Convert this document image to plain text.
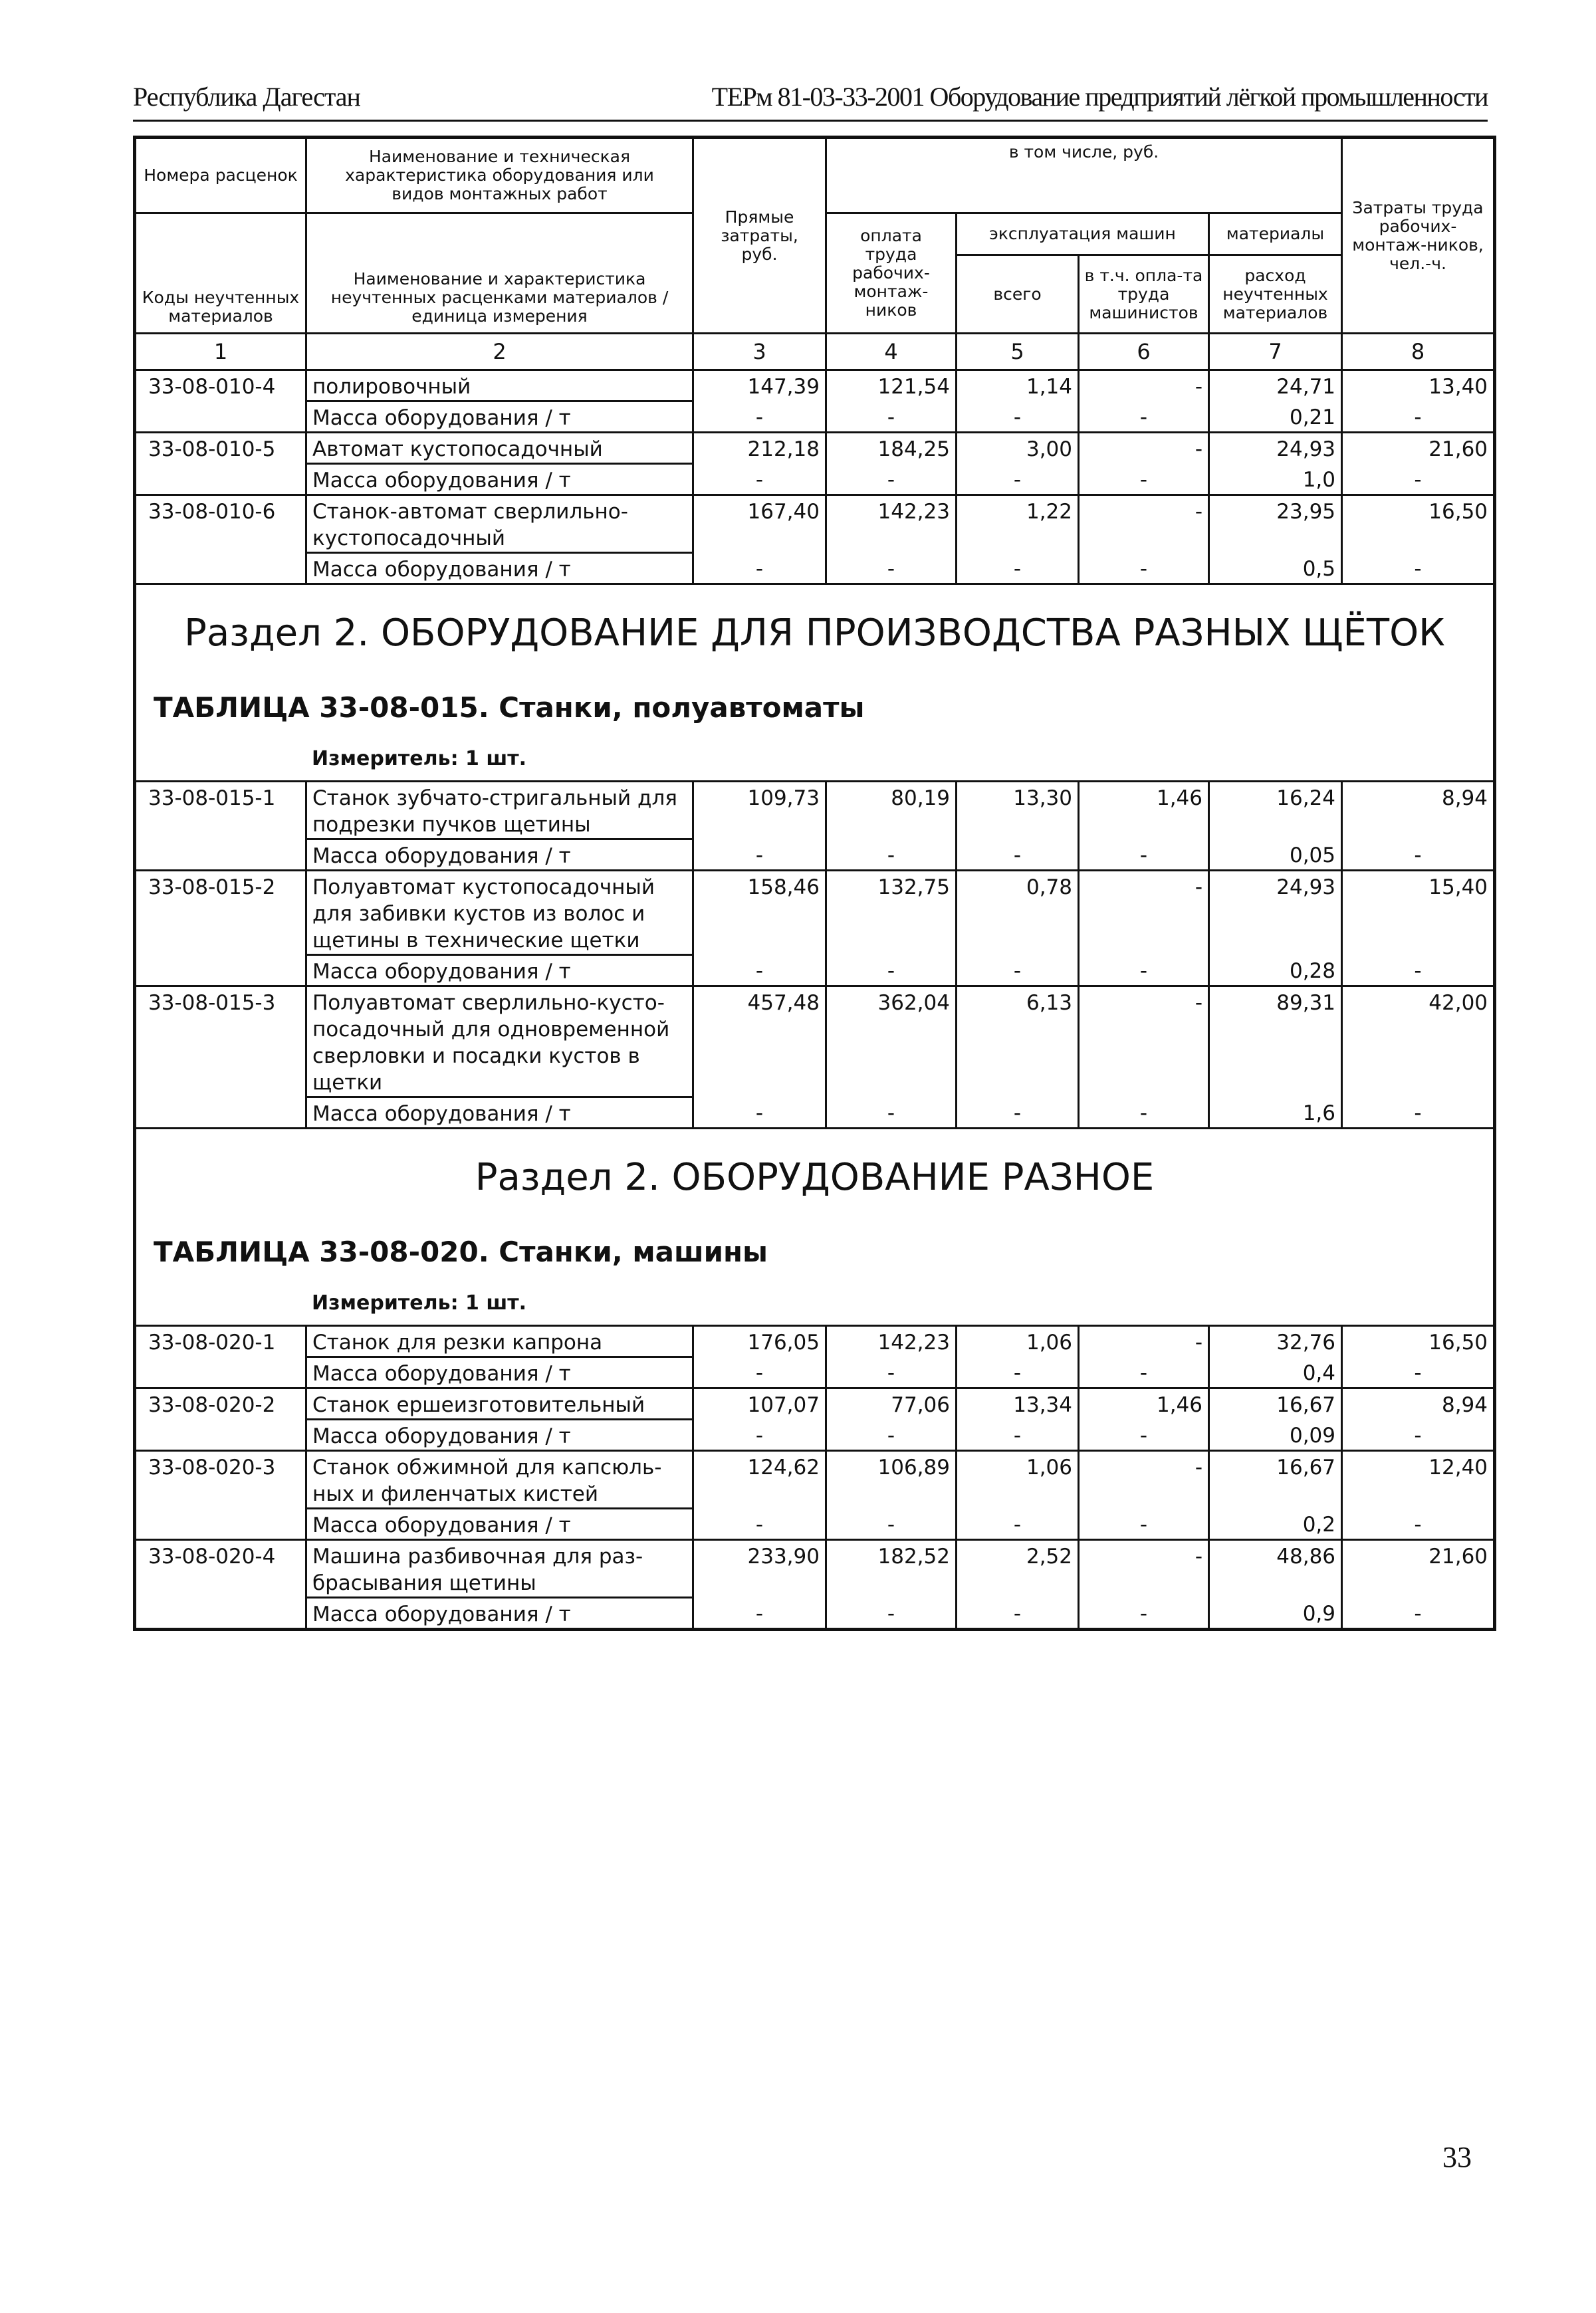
Республика Дагестан	ТЕРм 81-03-33-2001 Оборудование предприятий лёгкой промышленности
Номера расценок	Наименование и техническая характеристика оборудования или видов монтажных работ	Прямые затраты, руб.	в том числе, руб.				Затраты труда рабочих-монтаж-ников, чел.-ч.

Коды неучтенных материалов	Наименование и характеристика неучтенных расценками материалов / единица измерения		оплата труда рабочих-монтаж-ников	эксплуатация машин		материалы	
				всего	в т.ч. опла-та труда машинистов	расход неучтенных материалов	
1	2	3	4	5	6	7	8
33-08-010-4	полировочный	147,39	121,54	1,14	-	24,71	13,40
	Масса оборудования / т	-	-	-	-	0,21	-
33-08-010-5	Автомат кустопосадочный	212,18	184,25	3,00	-	24,93	21,60
	Масса оборудования / т	-	-	-	-	1,0	-
33-08-010-6	Станок-автомат сверлильно-кустопосадочный	167,40	142,23	1,22	-	23,95	16,50
	Масса оборудования / т	-	-	-	-	0,5	-
Раздел 2. ОБОРУДОВАНИЕ ДЛЯ ПРОИЗВОДСТВА РАЗНЫХ ЩЁТОК							
ТАБЛИЦА 33-08-015. Станки, полуавтоматы							
Измеритель: 1 шт.							
33-08-015-1	Станок зубчато-стригальный для подрезки пучков щетины	109,73	80,19	13,30	1,46	16,24	8,94
	Масса оборудования / т	-	-	-	-	0,05	-
33-08-015-2	Полуавтомат кустопосадочный для забивки кустов из волос и щетины в технические щетки	158,46	132,75	0,78	-	24,93	15,40
	Масса оборудования / т	-	-	-	-	0,28	-
33-08-015-3	Полуавтомат сверлильно-кусто-посадочный для одновременной сверловки и посадки кустов в щетки	457,48	362,04	6,13	-	89,31	42,00
	Масса оборудования / т	-	-	-	-	1,6	-
Раздел 2. ОБОРУДОВАНИЕ РАЗНОЕ							
ТАБЛИЦА 33-08-020. Станки, машины							
Измеритель: 1 шт.							
33-08-020-1	Станок для резки капрона	176,05	142,23	1,06	-	32,76	16,50
	Масса оборудования / т	-	-	-	-	0,4	-
33-08-020-2	Станок ершеизготовительный	107,07	77,06	13,34	1,46	16,67	8,94
	Масса оборудования / т	-	-	-	-	0,09	-
33-08-020-3	Станок обжимной для капсюль-ных и филенчатых кистей	124,62	106,89	1,06	-	16,67	12,40
	Масса оборудования / т	-	-	-	-	0,2	-
33-08-020-4	Машина разбивочная для раз-брасывания щетины	233,90	182,52	2,52	-	48,86	21,60
	Масса оборудования / т	-	-	-	-	0,9	-
33
